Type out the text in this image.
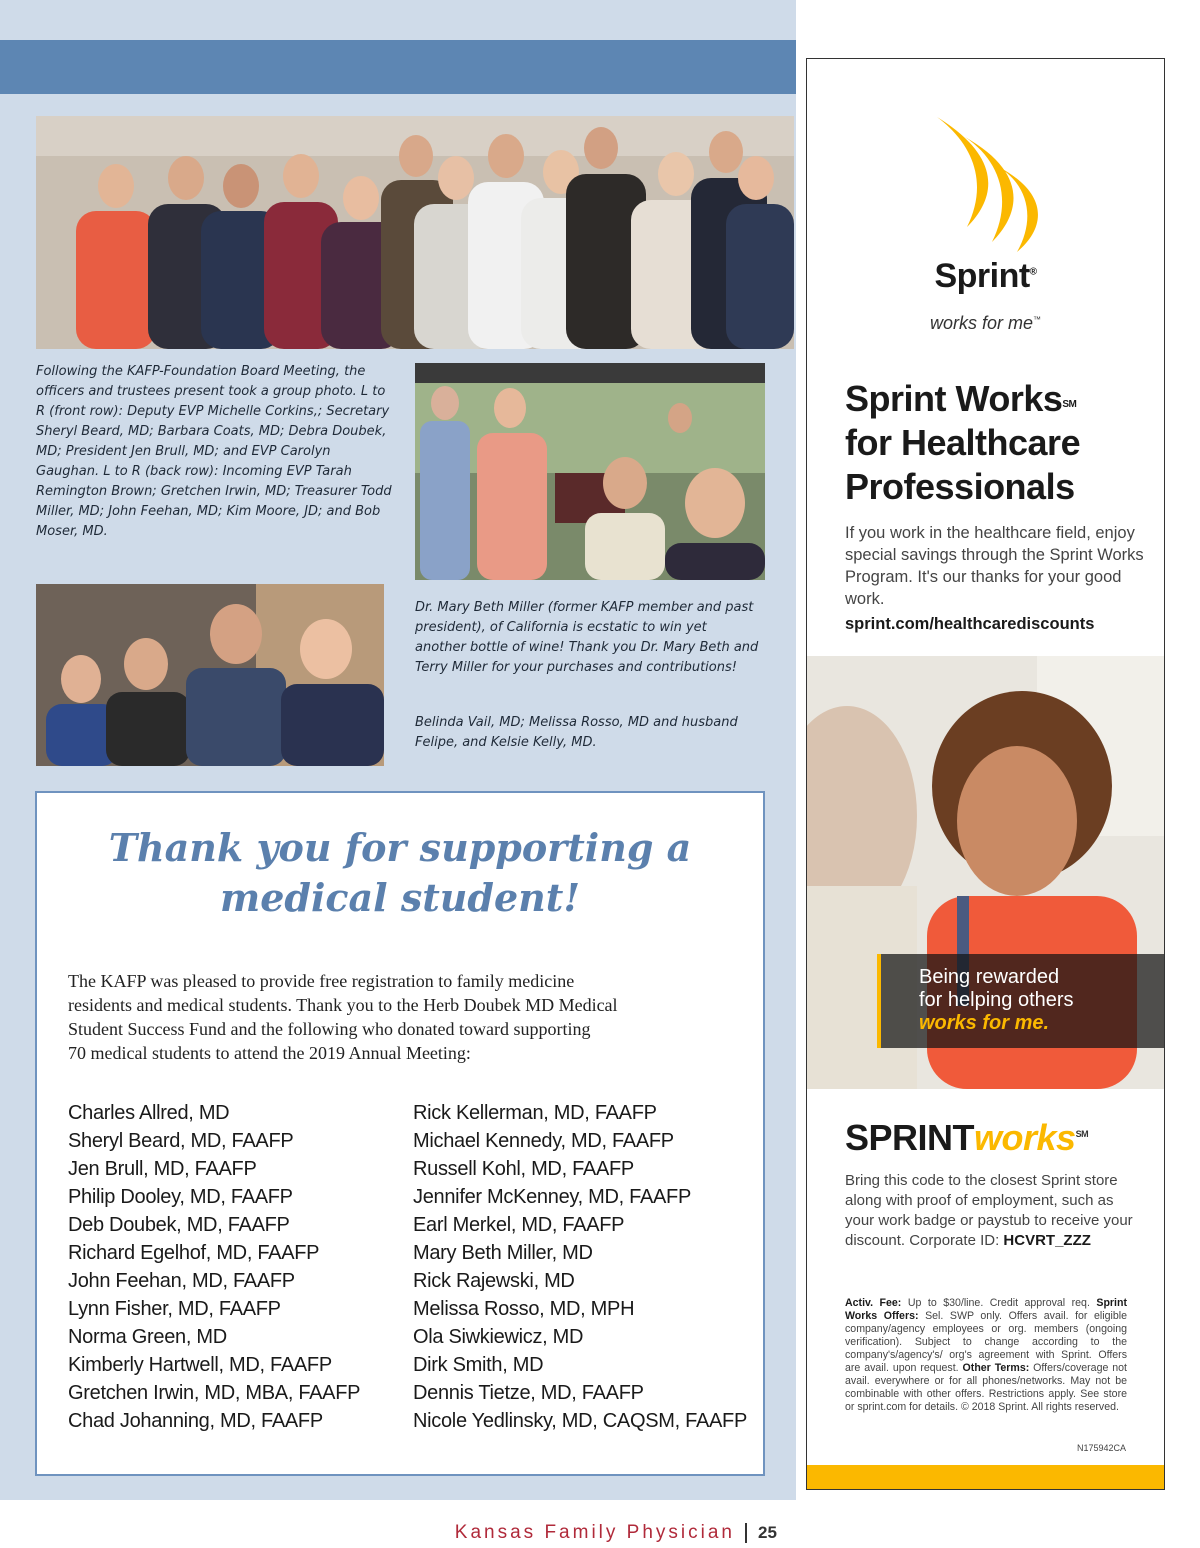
Following the KAFP-Foundation Board Meeting, the officers and trustees present took a group photo. L to R (front row): Deputy EVP Michelle Corkins,; Secretary Sheryl Beard, MD; Barbara Coats, MD; Debra Doubek, MD; President Jen Brull, MD; and EVP Carolyn Gaughan. L to R (back row): Incoming EVP Tarah Remington Brown; Gretchen Irwin, MD; Treasurer Todd Miller, MD; John Feehan, MD; Kim Moore, JD; and Bob Moser, MD.
Dr. Mary Beth Miller (former KAFP member and past president), of California is ecstatic to win yet another bottle of wine! Thank you Dr. Mary Beth and Terry Miller for your purchases and contributions!
Belinda Vail, MD; Melissa Rosso, MD and husband Felipe, and Kelsie Kelly, MD.
Thank you for supporting a
medical student!
The KAFP was pleased to provide free registration to family medicine
residents and medical students. Thank you to the Herb Doubek MD Medical
Student Success Fund and the following who donated toward supporting
70 medical students to attend the 2019 Annual Meeting:
Charles Allred, MD
Sheryl Beard, MD, FAAFP
Jen Brull, MD, FAAFP
Philip Dooley, MD, FAAFP
Deb Doubek, MD, FAAFP
Richard Egelhof, MD, FAAFP
John Feehan, MD, FAAFP
Lynn Fisher, MD, FAAFP
Norma Green, MD
Kimberly Hartwell, MD, FAAFP
Gretchen Irwin, MD, MBA, FAAFP
Chad Johanning, MD, FAAFP
Rick Kellerman, MD, FAAFP
Michael Kennedy, MD, FAAFP
Russell Kohl, MD, FAAFP
Jennifer McKenney, MD, FAAFP
Earl Merkel, MD, FAAFP
Mary Beth Miller, MD
Rick Rajewski, MD
Melissa Rosso, MD, MPH
Ola Siwkiewicz, MD
Dirk Smith, MD
Dennis Tietze, MD, FAAFP
Nicole Yedlinsky, MD, CAQSM, FAAFP
Kansas Family Physician 25
Sprint®
works for me™
Sprint Works℠
for Healthcare
Professionals
If you work in the healthcare field, enjoy special savings through the Sprint Works Program. It's our thanks for your good work.
sprint.com/healthcarediscounts
Being rewarded
for helping others
works for me.
SPRINTworks℠
Bring this code to the closest Sprint store along with proof of employment, such as your work badge or paystub to receive your discount. Corporate ID: HCVRT_ZZZ
Activ. Fee: Up to $30/line. Credit approval req. Sprint Works Offers: Sel. SWP only. Offers avail. for eligible company/agency employees or org. members (ongoing verification). Subject to change according to the company's/agency's/ org's agreement with Sprint. Offers are avail. upon request. Other Terms: Offers/coverage not avail. everywhere or for all phones/networks. May not be combinable with other offers. Restrictions apply. See store or sprint.com for details. © 2018 Sprint. All rights reserved.
N175942CA
